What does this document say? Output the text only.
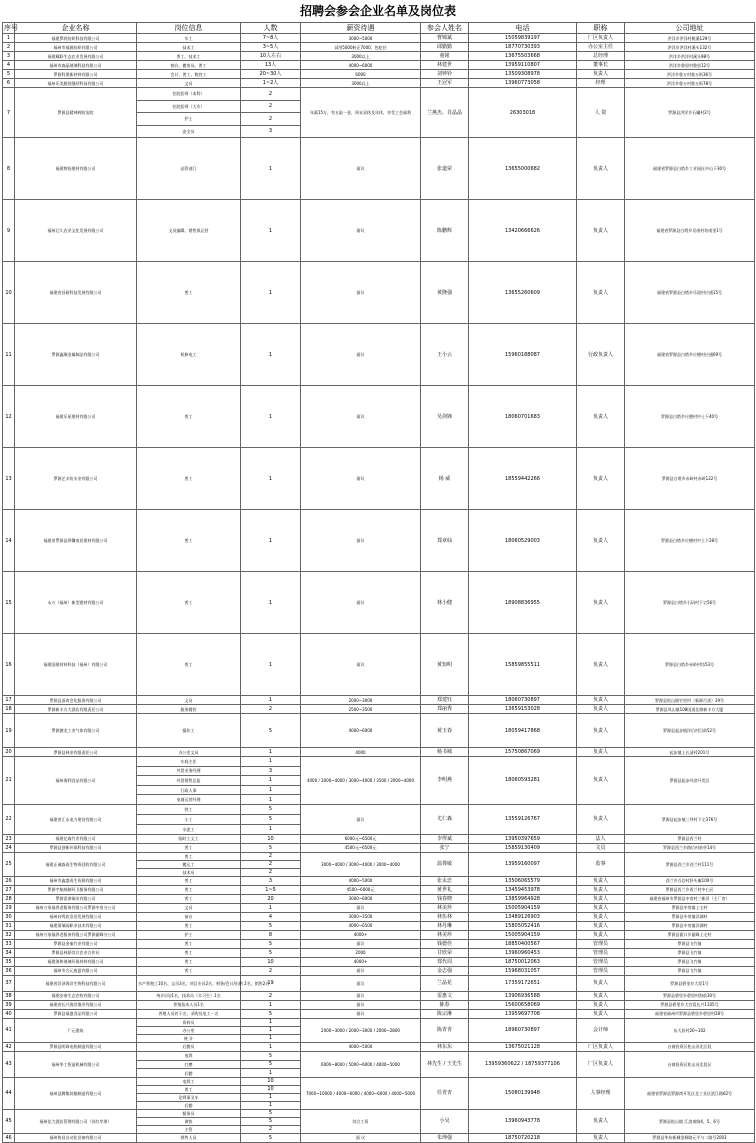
招聘会参会企业名单及岗位表
序号	企业名称	岗位信息	人数	薪资待遇	参会人姓名	电话	职称	公司地址
1	福建罗欣纺织科技有限公司	车工	7~8人	3000~5000	曹锦斌	15059839197	厂区负责人	洪洋乡洪洋村桃溪129号
2	福州市福源纺织有限公司	技术工	3~5人	试用5000转正7000，包吃住	邱勤勤	18770730393	办公室主任	洪洋乡洪洋村溪头132号
3	福建耀联生态农业发展有限公司	普工、技术工	10人左右	3000以上	童铭	13675503668	总经理	洪洋乡洪洋村溪头98号
4	福州市森晶玻璃科技有限公司	割台、搬家员、普工	13人	4000~6000	林建世	13959110807	董事长	洪洋乡鲁里村鲁里12号
5	罗源科建新材料有限公司	会计、普工、数控工	20~30人	6000	刘钟铃	13509308978	负责人	洪洋乡鲁万村鲁万街36号
6	福州乐美服装缝纫科技有限公司	文员	1~2人	3000以上	王冠军	13960773058	经理	洪洋乡鲁万村鲁万街78号
7	罗源县精神病防治院	住院医师（本科）	2	年薪15万，有五险一金，周末双休及年休，享受工会福利	兰燕杰、肖晶晶	26303018	人 资	罗源县洪洋乡石罐村2号
		住院医师（大专）	2					
		护士	2					
		安全员	3					
8	福建物投建材有限公司	品管部门	1	面议	张道荣	13655000682	负责人	福建省罗源县白塔乡工业园区中山下30号
9	福州芯久农业文化发展有限公司	文员编辑，销售保运营	1	面议	陈鹏辉	13420666626	负责人	福建省罗源县白塔乡吴南村坊南里1号
10	福建省昌硕科技发展有限公司	普工	1	面议	黄隆强	13655260609	负责人	福建省罗源县白塔乡乐道村应通15号
11	罗源鑫顺金属制品有限公司	机修电工	1	面议	王小云	15960188087	行政负责人	福建省罗源县白塔乡应德村应通69号
12	福建乐星建材有限公司	普工	1	面议	吴剑锋	18060701683	负责人	罗源县白塔乡应德村中土下40号
13	罗源艺丰纺水业有限公司	普工	1	面议	杨 威	18559442266	负责人	罗源县白塔乡赤岭村赤岭122号
14	福建省罗源县珍馨家居建材有限公司	普工	1	面议	郑章仙	18060529003	负责人	罗源县白塔乡应德村中土下28号
15	永万（福州）新型建材有限公司	普工	1	面议	林小健	18908836955	负责人	罗源县白塔乡石码村下宅56号
16	福建国建材料科技（福州）有限公司	普工	1	面议	黄知明	15859855511	负责人	罗源县白塔乡赤岭村坊53号
17	罗源县深育会化服务有限公司	文员	1	2000~3000	郑建钰	18060730897	负责人	罗源县松山镇竹里村（新源百货）29号
18	罗源新丰方大酒店有限责任公司	服务餐饮	2	2500~3500	郑丽秀	13659153028	负责人	罗源县凤山镇108国道北路新丰方大厦
19	罗源德龙工业气体有限公司	操作工	5	4000~6000	黄玉春	18059417868	负责人	罗源县起步镇洋后村目前52号
20	罗源县林业有限责任公司	办公室文员	1	4000	杨书城	15750867069	负责人	起步镇上长清村201号
21	福州海利食品有限公司	车间主任	1	4000 / 3000~4000 / 3000~4000 / 3500 / 2000~4000	李明燕	18060593281	负责人	罗源县起步经济开发区
		外贸业务经理	3					
		外贸销售总监	1					
		行政人事	1					
		电商运营经理	1					
22	福建省汇永电力建设有限公司	铁工	5	面议	尤仁森	13559126767	负责人	罗源县起步镇三坪村下宅376号
		小工	5					
		水泥工	1					
23	福建亿森竹业有限公司	临时工文工	10	6000元~6500元	李得斌	13950397659	法人	罗源县西兰村
24	罗源县创新环保科技有限公司	普工	5	4500元~6500元	张宁	15859130409	文员	罗源县西兰乡路后村前亭14号
25	福建正诚森再生物资回收有限公司	普工	2	3000~4000 / 3000~4000 / 3000~4000	温尊敏	13959160097	监事	罗源县西兰乡西兰村111号
		搬运工	2					
		技术员	2					
26	福州市鑫盛再生资源有限公司	普工	3	4000~5000	张永忠	13506065579	负责人	西兰乡百岩村卧头庵100号
27	罗源宇航纸制环卫服务有限公司	普工	1~5	4500~6000元	黄世礼	13459453978	负责人	罗源县西兰乡西兰村中心区
28	罗源雷泰铜业有限公司	普工	20	3000~6000	钱春晓	13859964928	负责人	福建省福州市罗源县中房村三新洋（主厂房）
29	福州万家福养老服务有限公司罗源中房分公司	文员	1	面议	林美珍	15005904159	负责人	罗源县中房镇上宅村
30	福州启鸣宸浴浴发展有限公司	前台	4	3000~3500	林伍林	13489126903	负责人	罗源县中房镇洋湖村
31	福建莆瑞园职业技术有限公司	普工	5	4000~6500	林丹琳	15805052416	负责人	罗源县中房镇洋湖村
32	福州万家福养老服务有限公司罗源霍峰分公司	护工	8	4000+	林美珍	15005904159	负责人	罗源县霍口乡霍峰上宅村
33	罗源县金秦竹业有限公司	普工	5	面议	钱德佳	18850400567	管理员	罗源县飞竹镇
34	罗源县林原综合农业合作社	普工	5	2000	甘欣荣	13960960453	管理员	罗源县飞竹镇
35	福建海和玻璃环保材料有限公司	普工	10	4000+	郑代周	18750012063	管理员	罗源县飞竹镇
36	福州市合元废夏有限公司	普工	2	面议	金志强	15968031057	管理员	罗源县飞竹镇
37	福建省洋泽海洋生物科技有限公司	水产养殖工10名、文员3名、项目专员2名、财务/会计/出纳 2名，销售2名	19	面议	兰晶花	17359172651	负责人	罗源县碧里乡大埕1号
38	福建安泰生态农牧有限公司	统计(员)1名，技术员（实习生）1名	2	面议	雷惠文	13906936588	负责人	罗源县碧里乡碧里村海前30号
39	福建省长兴海洋渔业有限公司	养殖技术人员1名	1	面议	陈春	15600658069	负责人	罗源县碧里乡大官坂长兴1105号
40	罗源县福盛食品有限公司	养殖人员若干名、采购及电工一名	5	面议	陈宗淋	13959697708	负责人	福建省福州市罗源县碧里乡碧里村28号
41	广元建筑	资料员	1	2000~3000 / 2000~3000 / 2000~2800	陈青青	18960730897	会计师	东大居村20~102
		办公室	1					
		统 计	1					
42	罗源县明珠电机制造有限公司	后勤员	1	4000~5000	林东东	13675021128	厂区负责人	台商投资区松山河北区段
43	福州华工智造机械有限公司	电焊	5	6000~8000 / 5000~6000 / 4000~5000	林先生 / 王先生	13959360622 / 18759377106	厂区负责人	台商投资区松山河北段区
		打磨	5					
		后勤	1					
44	福州县腾集装箱制造有限公司	电焊工	10	7000~10000 / 4000~6000 / 4000~6000 / 4000~5000	任青青	15080139948	人事经理	福建省罗源县罗源湾开发区北工业区滨江路62号
		普工	10					
		论焊事叉车	1					
		后勤	1					
45	福州佳大酒店管理有限公司（苏红苹果）	服务员	5	综合工资	小吴	13960943778	负责人	罗源县松山镇 江滨南路4、5、6号
		调协	5					
		主管	2					
46	福州协昌自动化设备有限公司	销售人员	5	面 议	朱坤强	18750720218	负责人	罗源县华东新城金源路元平与二路号2003
